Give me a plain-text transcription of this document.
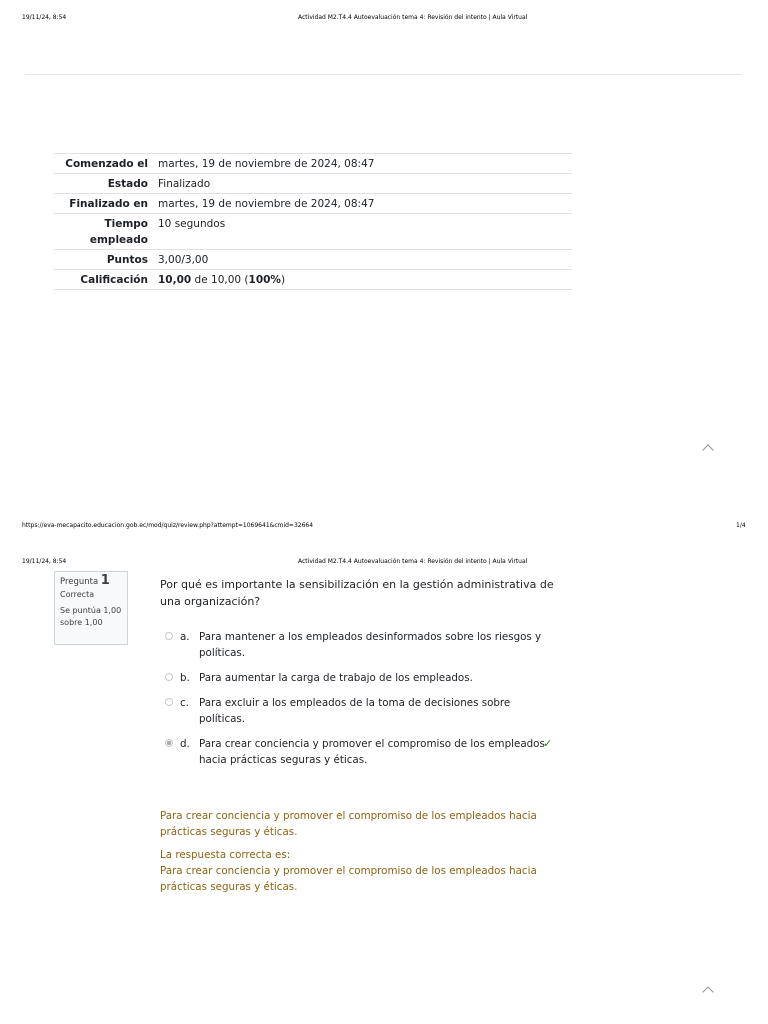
19/11/24, 8:54	Actividad M2.T4.4 Autoevaluación tema 4: Revisión del intento | Aula Virtual
Comenzado el	martes, 19 de noviembre de 2024, 08:47
Estado	Finalizado
Finalizado en	martes, 19 de noviembre de 2024, 08:47
Tiempo empleado	10 segundos
Puntos	3,00/3,00
Calificación	10,00 de 10,00 (100%)
https://eva-mecapacito.educacion.gob.ec/mod/quiz/review.php?attempt=1069641&cmid=32664	1/4
19/11/24, 8:54	Actividad M2.T4.4 Autoevaluación tema 4: Revisión del intento | Aula Virtual
Pregunta 1
Correcta
Se puntúa 1,00
sobre 1,00
Por qué es importante la sensibilización en la gestión administrativa de una organización?
a. Para mantener a los empleados desinformados sobre los riesgos y políticas.
b. Para aumentar la carga de trabajo de los empleados.
c. Para excluir a los empleados de la toma de decisiones sobre políticas.
d. Para crear conciencia y promover el compromiso de los empleados hacia prácticas seguras y éticas.
✓
Para crear conciencia y promover el compromiso de los empleados hacia prácticas seguras y éticas.
La respuesta correcta es:
Para crear conciencia y promover el compromiso de los empleados hacia prácticas seguras y éticas.
